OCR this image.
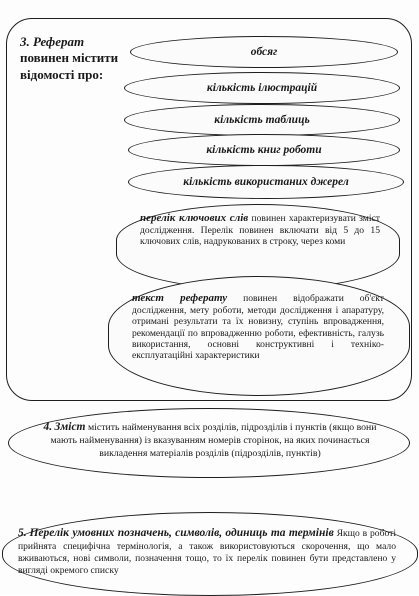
3. Реферат
повинен містити відомості про:
обсяг
кількість ілюстрацій
кількість таблиць
кількість книг роботи
кількість використаних джерел
перелік ключових слів повинен характеризувати зміст дослідження. Перелік повинен включати від 5 до 15 ключових слів, надрукованих в строку, через коми
текст реферату повинен відображати об'єкт дослідження, мету роботи, методи дослідження і апаратуру, отриманi результати та їх новизну, ступінь впровадження, рекомендації по впровадженню роботи, ефективність, галузь використання, основні конструктивні і техніко-експлуатаційні характеристики
4. Зміст містить найменування всіх розділів, підрозділів і пунктів (якщо вони мають найменування) із вказуванням номерів сторінок, на яких починається викладення матеріалів розділів (підрозділів, пунктів)
5. Перелік умовних позначень, символів, одиниць та термінів Якщо в роботі прийнята специфічна термінологія, а також використовуються скорочення, що мало вживаються, нові символи, позначення тощо, то їх перелік повинен бути представлено у вигляді окремого списку
